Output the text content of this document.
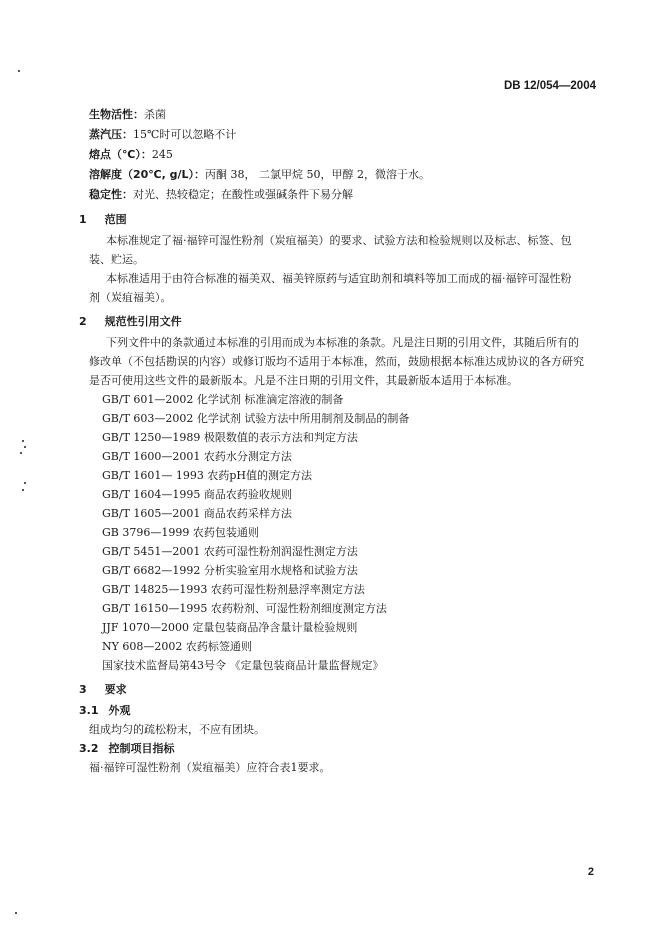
DB 12/054—2004
生物活性：杀菌
蒸汽压：15℃时可以忽略不计
熔点（℃）：245
溶解度（20℃, g/L）：丙酮 38， 二氯甲烷 50，甲醇 2，微溶于水。
稳定性：对光、热较稳定；在酸性或强碱条件下易分解
1 范围
本标准规定了福·福锌可湿性粉剂（炭疽福美）的要求、试验方法和检验规则以及标志、标签、包
装、贮运。
本标准适用于由符合标准的福美双、福美锌原药与适宜助剂和填料等加工而成的福·福锌可湿性粉
剂（炭疽福美）。
2 规范性引用文件
下列文件中的条款通过本标准的引用而成为本标准的条款。凡是注日期的引用文件，其随后所有的
修改单（不包括勘误的内容）或修订版均不适用于本标准，然而，鼓励根据本标准达成协议的各方研究
是否可使用这些文件的最新版本。凡是不注日期的引用文件，其最新版本适用于本标准。
GB/T 601—2002 化学试剂 标准滴定溶液的制备
GB/T 603—2002 化学试剂 试验方法中所用制剂及制品的制备
GB/T 1250—1989 极限数值的表示方法和判定方法
GB/T 1600—2001 农药水分测定方法
GB/T 1601— 1993 农药pH值的测定方法
GB/T 1604—1995 商品农药验收规则
GB/T 1605—2001 商品农药采样方法
GB 3796—1999 农药包装通则
GB/T 5451—2001 农药可湿性粉剂润湿性测定方法
GB/T 6682—1992 分析实验室用水规格和试验方法
GB/T 14825—1993 农药可湿性粉剂悬浮率测定方法
GB/T 16150—1995 农药粉剂、可湿性粉剂细度测定方法
JJF 1070—2000 定量包装商品净含量计量检验规则
NY 608—2002 农药标签通则
国家技术监督局第43号令 《定量包装商品计量监督规定》
3 要求
3.1 外观
组成均匀的疏松粉末，不应有团块。
3.2 控制项目指标
福·福锌可湿性粉剂（炭疽福美）应符合表1要求。
2
